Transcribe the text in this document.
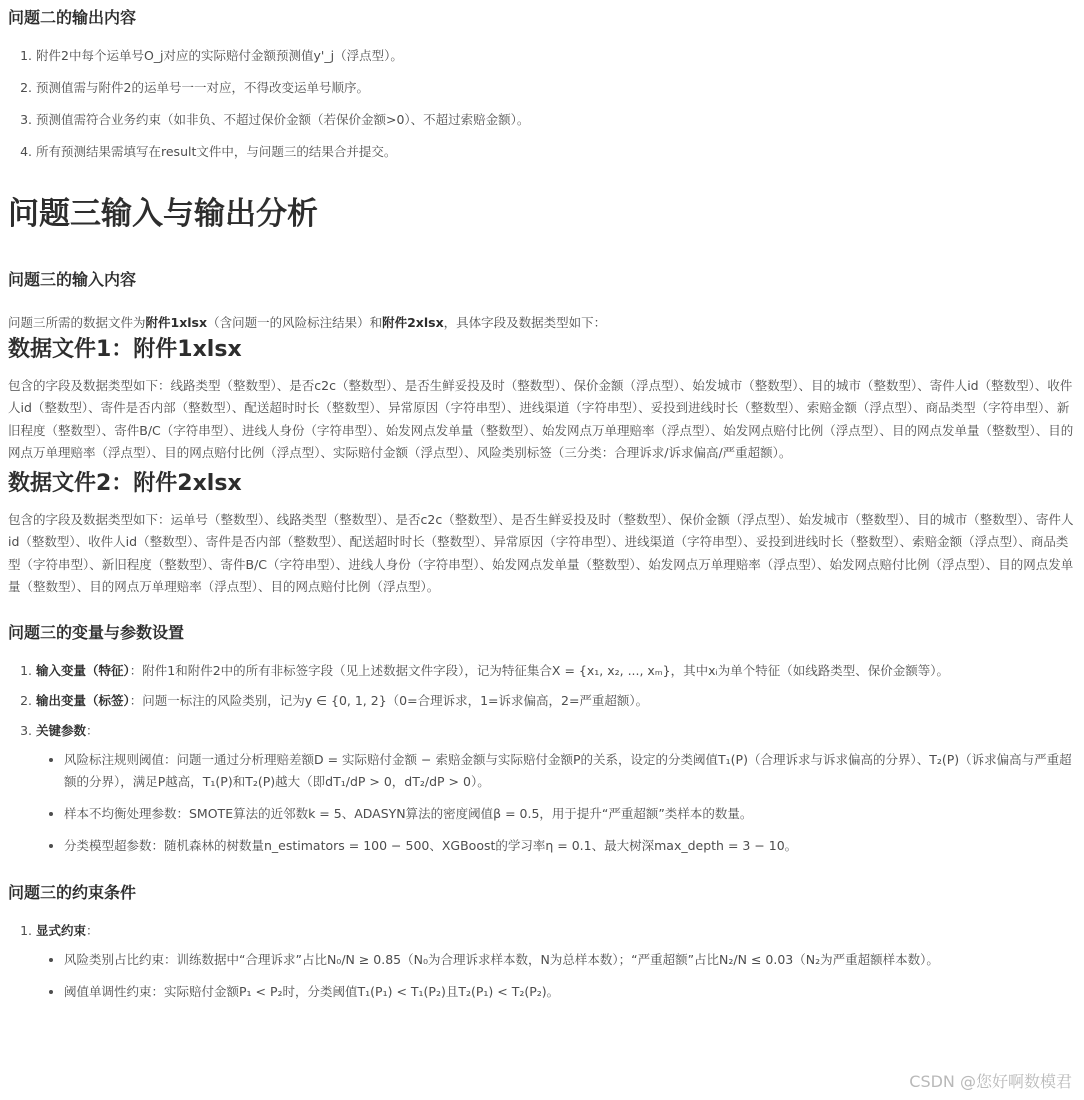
问题二的输出内容
1. 附件2中每个运单号O_j对应的实际赔付金额预测值y'_j（浮点型）。
2. 预测值需与附件2的运单号一一对应，不得改变运单号顺序。
3. 预测值需符合业务约束（如非负、不超过保价金额（若保价金额>0）、不超过索赔金额）。
4. 所有预测结果需填写在result文件中，与问题三的结果合并提交。
问题三输入与输出分析
问题三的输入内容

问题三所需的数据文件为附件1xlsx（含问题一的风险标注结果）和附件2xlsx，具体字段及数据类型如下：

数据文件1：附件1xlsx

包含的字段及数据类型如下：线路类型（整数型）、是否c2c（整数型）、是否生鲜妥投及时（整数型）、保价金额（浮点型）、始发城市（整数型）、目的城市（整数型）、寄件人id（整数型）、收件人id（整数型）、寄件是否内部（整数型）、配送超时时长（整数型）、异常原因（字符串型）、进线渠道（字符串型）、妥投到进线时长（整数型）、索赔金额（浮点型）、商品类型（字符串型）、新旧程度（整数型）、寄件B/C（字符串型）、进线人身份（字符串型）、始发网点发单量（整数型）、始发网点万单理赔率（浮点型）、始发网点赔付比例（浮点型）、目的网点发单量（整数型）、目的网点万单理赔率（浮点型）、目的网点赔付比例（浮点型）、实际赔付金额（浮点型）、风险类别标签（三分类：合理诉求/诉求偏高/严重超额）。

数据文件2：附件2xlsx

包含的字段及数据类型如下：运单号（整数型）、线路类型（整数型）、是否c2c（整数型）、是否生鲜妥投及时（整数型）、保价金额（浮点型）、始发城市（整数型）、目的城市（整数型）、寄件人id（整数型）、收件人id（整数型）、寄件是否内部（整数型）、配送超时时长（整数型）、异常原因（字符串型）、进线渠道（字符串型）、妥投到进线时长（整数型）、索赔金额（浮点型）、商品类型（字符串型）、新旧程度（整数型）、寄件B/C（字符串型）、进线人身份（字符串型）、始发网点发单量（整数型）、始发网点万单理赔率（浮点型）、始发网点赔付比例（浮点型）、目的网点发单量（整数型）、目的网点万单理赔率（浮点型）、目的网点赔付比例（浮点型）。

问题三的变量与参数设置
1. 输入变量（特征）：附件1和附件2中的所有非标签字段（见上述数据文件字段），记为特征集合X = {x₁, x₂, ..., xₘ}，其中xᵢ为单个特征（如线路类型、保价金额等）。
2. 输出变量（标签）：问题一标注的风险类别，记为y ∈ {0, 1, 2}（0=合理诉求，1=诉求偏高，2=严重超额）。
3. 关键参数：
• 风险标注规则阈值：问题一通过分析理赔差额D = 实际赔付金额 − 索赔金额与实际赔付金额P的关系，设定的分类阈值T₁(P)（合理诉求与诉求偏高的分界）、T₂(P)（诉求偏高与严重超额的分界），满足P越高，T₁(P)和T₂(P)越大（即dT₁/dP > 0，dT₂/dP > 0）。
• 样本不均衡处理参数：SMOTE算法的近邻数k = 5、ADASYN算法的密度阈值β = 0.5，用于提升“严重超额”类样本的数量。
• 分类模型超参数：随机森林的树数量n_estimators = 100 − 500、XGBoost的学习率η = 0.1、最大树深max_depth = 3 − 10。
问题三的约束条件
1. 显式约束：
• 风险类别占比约束：训练数据中“合理诉求”占比N₀/N ≥ 0.85（N₀为合理诉求样本数，N为总样本数）；“严重超额”占比N₂/N ≤ 0.03（N₂为严重超额样本数）。
• 阈值单调性约束：实际赔付金额P₁ < P₂时，分类阈值T₁(P₁) < T₁(P₂)且T₂(P₁) < T₂(P₂)。
CSDN @您好啊数模君
